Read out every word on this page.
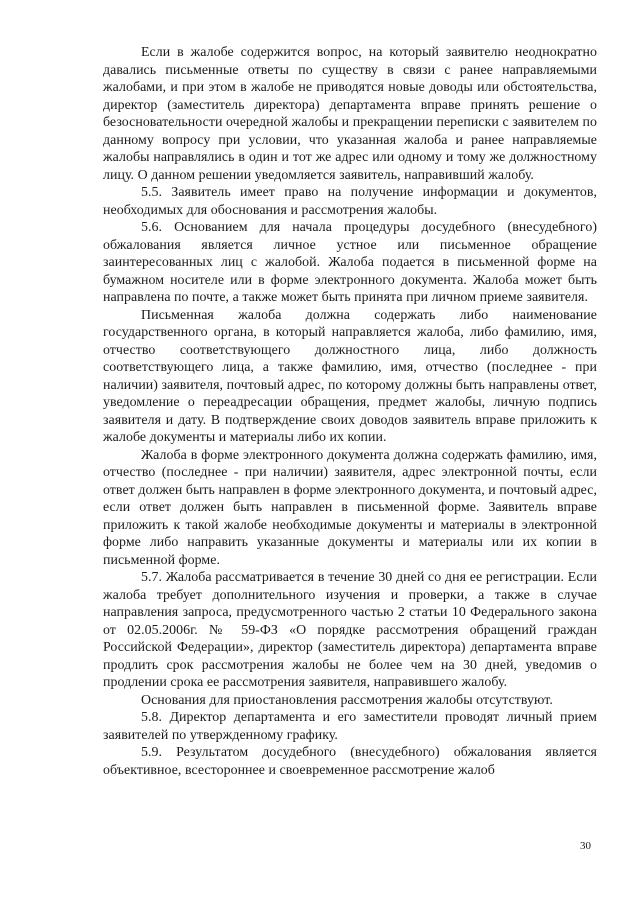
Если в жалобе содержится вопрос, на который заявителю неоднократно давались письменные ответы по существу в связи с ранее направляемыми жалобами, и при этом в жалобе не приводятся новые доводы или обстоятельства, директор (заместитель директора) департамента вправе принять решение о безосновательности очередной жалобы и прекращении переписки с заявителем по данному вопросу при условии, что указанная жалоба и ранее направляемые жалобы направлялись в один и тот же адрес или одному и тому же должностному лицу. О данном решении уведомляется заявитель, направивший жалобу.

5.5. Заявитель имеет право на получение информации и документов, необходимых для обоснования и рассмотрения жалобы.

5.6. Основанием для начала процедуры досудебного (внесудебного) обжалования является личное устное или письменное обращение заинтересованных лиц с жалобой. Жалоба подается в письменной форме на бумажном носителе или в форме электронного документа. Жалоба может быть направлена по почте, а также может быть принята при личном приеме заявителя.

Письменная жалоба должна содержать либо наименование государственного органа, в который направляется жалоба, либо фамилию, имя, отчество соответствующего должностного лица, либо должность соответствующего лица, а также фамилию, имя, отчество (последнее - при наличии) заявителя, почтовый адрес, по которому должны быть направлены ответ, уведомление о переадресации обращения, предмет жалобы, личную подпись заявителя и дату. В подтверждение своих доводов заявитель вправе приложить к жалобе документы и материалы либо их копии.

Жалоба в форме электронного документа должна содержать фамилию, имя, отчество (последнее - при наличии) заявителя, адрес электронной почты, если ответ должен быть направлен в форме электронного документа, и почтовый адрес, если ответ должен быть направлен в письменной форме. Заявитель вправе приложить к такой жалобе необходимые документы и материалы в электронной форме либо направить указанные документы и материалы или их копии в письменной форме.

5.7. Жалоба рассматривается в течение 30 дней со дня ее регистрации. Если жалоба требует дополнительного изучения и проверки, а также в случае направления запроса, предусмотренного частью 2 статьи 10 Федерального закона от 02.05.2006г. № 59-ФЗ «О порядке рассмотрения обращений граждан Российской Федерации», директор (заместитель директора) департамента вправе продлить срок рассмотрения жалобы не более чем на 30 дней, уведомив о продлении срока ее рассмотрения заявителя, направившего жалобу.

Основания для приостановления рассмотрения жалобы отсутствуют.

5.8. Директор департамента и его заместители проводят личный прием заявителей по утвержденному графику.

5.9. Результатом досудебного (внесудебного) обжалования является объективное, всестороннее и своевременное рассмотрение жалоб

30
